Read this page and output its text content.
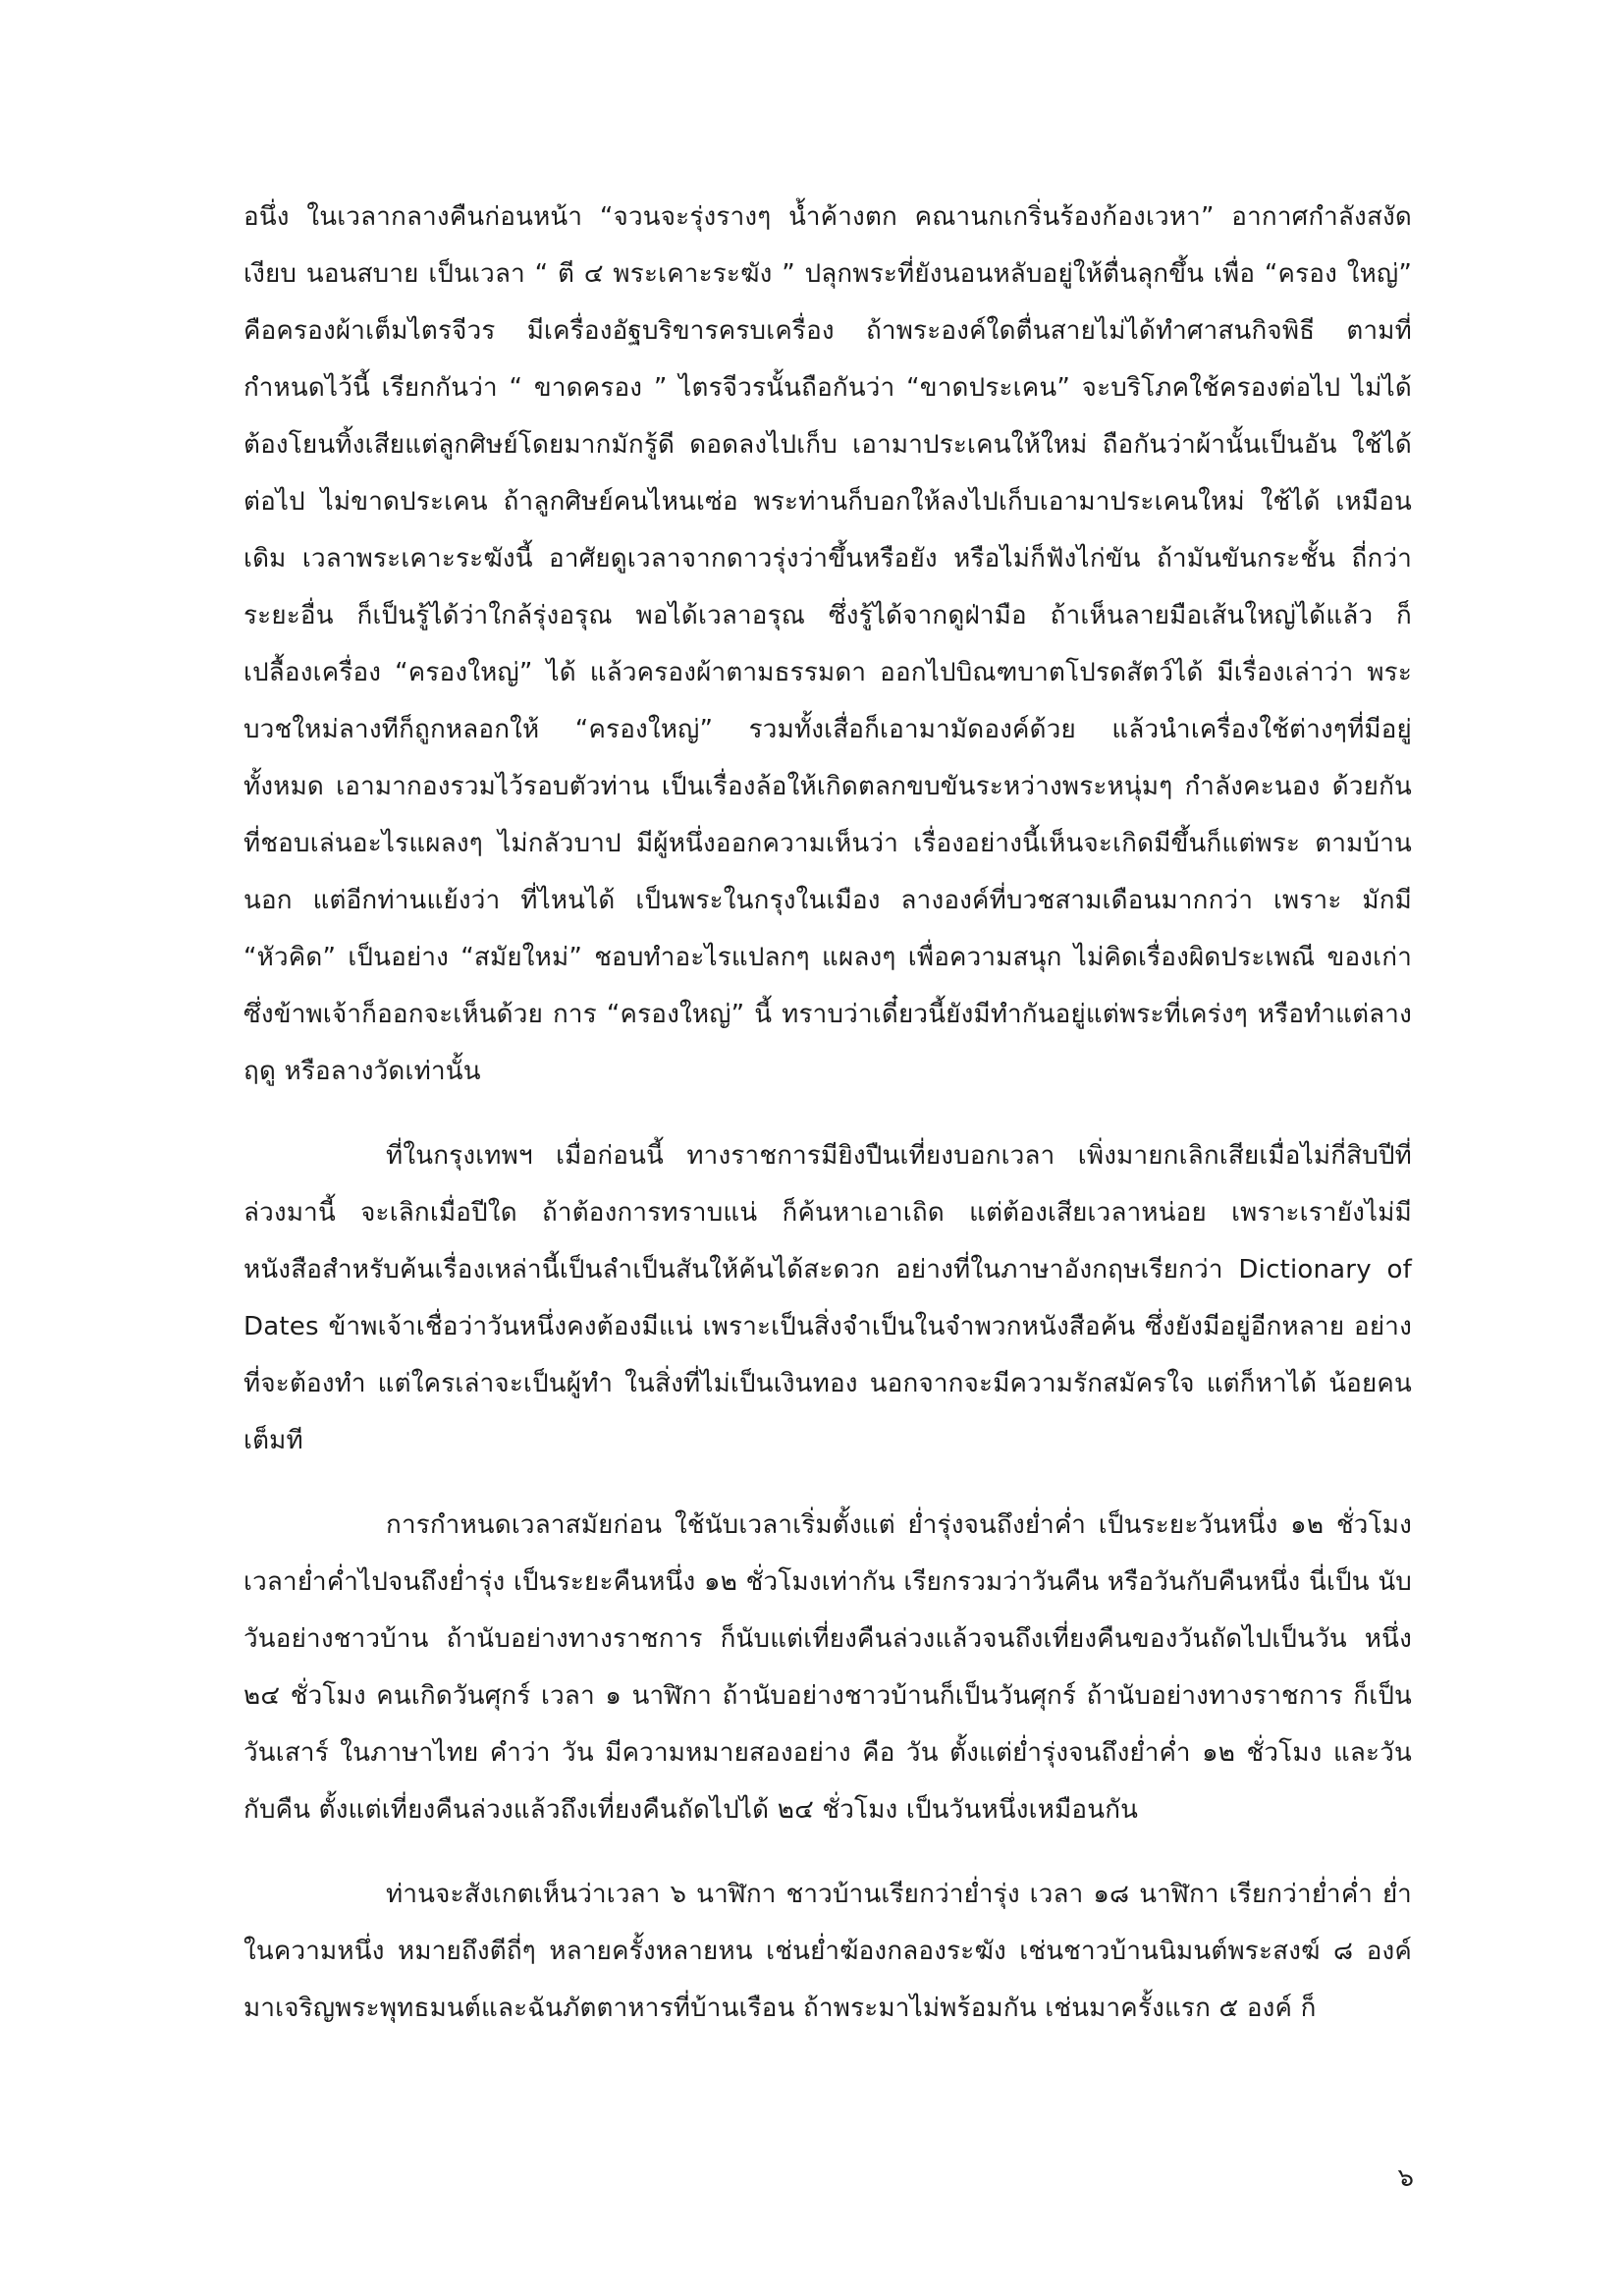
อนึ่ง ในเวลากลางคืนก่อนหน้า “จวนจะรุ่งรางๆ น้ำค้างตก คณานกเกริ่นร้องก้องเวหา” อากาศกำลังสงัด เงียบ นอนสบาย เป็นเวลา “ ตี ๔ พระเคาะระฆัง ” ปลุกพระที่ยังนอนหลับอยู่ให้ตื่นลุกขึ้น เพื่อ “ครอง ใหญ่” คือครองผ้าเต็มไตรจีวร มีเครื่องอัฐบริขารครบเครื่อง ถ้าพระองค์ใดตื่นสายไม่ได้ทำศาสนกิจพิธี ตามที่กำหนดไว้นี้ เรียกกันว่า “ ขาดครอง ” ไตรจีวรนั้นถือกันว่า “ขาดประเคน” จะบริโภคใช้ครองต่อไป ไม่ได้ ต้องโยนทิ้งเสียแต่ลูกศิษย์โดยมากมักรู้ดี ดอดลงไปเก็บ เอามาประเคนให้ใหม่ ถือกันว่าผ้านั้นเป็นอัน ใช้ได้ต่อไป ไม่ขาดประเคน ถ้าลูกศิษย์คนไหนเซ่อ พระท่านก็บอกให้ลงไปเก็บเอามาประเคนใหม่ ใช้ได้ เหมือนเดิม เวลาพระเคาะระฆังนี้ อาศัยดูเวลาจากดาวรุ่งว่าขึ้นหรือยัง หรือไม่ก็ฟังไก่ขัน ถ้ามันขันกระชั้น ถี่กว่าระยะอื่น ก็เป็นรู้ได้ว่าใกล้รุ่งอรุณ พอได้เวลาอรุณ ซึ่งรู้ได้จากดูฝ่ามือ ถ้าเห็นลายมือเส้นใหญ่ได้แล้ว ก็ เปลื้องเครื่อง “ครองใหญ่” ได้ แล้วครองผ้าตามธรรมดา ออกไปบิณฑบาตโปรดสัตว์ได้ มีเรื่องเล่าว่า พระ บวชใหม่ลางทีก็ถูกหลอกให้ “ครองใหญ่” รวมทั้งเสื่อก็เอามามัดองค์ด้วย แล้วนำเครื่องใช้ต่างๆที่มีอยู่ ทั้งหมด เอามากองรวมไว้รอบตัวท่าน เป็นเรื่องล้อให้เกิดตลกขบขันระหว่างพระหนุ่มๆ กำลังคะนอง ด้วยกัน ที่ชอบเล่นอะไรแผลงๆ ไม่กลัวบาป มีผู้หนึ่งออกความเห็นว่า เรื่องอย่างนี้เห็นจะเกิดมีขึ้นก็แต่พระ ตามบ้านนอก แต่อีกท่านแย้งว่า ที่ไหนได้ เป็นพระในกรุงในเมือง ลางองค์ที่บวชสามเดือนมากกว่า เพราะ มักมี “หัวคิด” เป็นอย่าง “สมัยใหม่” ชอบทำอะไรแปลกๆ แผลงๆ เพื่อความสนุก ไม่คิดเรื่องผิดประเพณี ของเก่า ซึ่งข้าพเจ้าก็ออกจะเห็นด้วย การ “ครองใหญ่” นี้ ทราบว่าเดี๋ยวนี้ยังมีทำกันอยู่แต่พระที่เคร่งๆ หรือทำแต่ลางฤดู หรือลางวัดเท่านั้น

ที่ในกรุงเทพฯ เมื่อก่อนนี้ ทางราชการมียิงปืนเที่ยงบอกเวลา เพิ่งมายกเลิกเสียเมื่อไม่กี่สิบปีที่ ล่วงมานี้ จะเลิกเมื่อปีใด ถ้าต้องการทราบแน่ ก็ค้นหาเอาเถิด แต่ต้องเสียเวลาหน่อย เพราะเรายังไม่มี หนังสือสำหรับค้นเรื่องเหล่านี้เป็นลำเป็นสันให้ค้นได้สะดวก อย่างที่ในภาษาอังกฤษเรียกว่า Dictionary of Dates ข้าพเจ้าเชื่อว่าวันหนึ่งคงต้องมีแน่ เพราะเป็นสิ่งจำเป็นในจำพวกหนังสือค้น ซึ่งยังมีอยู่อีกหลาย อย่างที่จะต้องทำ แต่ใครเล่าจะเป็นผู้ทำ ในสิ่งที่ไม่เป็นเงินทอง นอกจากจะมีความรักสมัครใจ แต่ก็หาได้ น้อยคนเต็มที

การกำหนดเวลาสมัยก่อน ใช้นับเวลาเริ่มตั้งแต่ ย่ำรุ่งจนถึงย่ำค่ำ เป็นระยะวันหนึ่ง ๑๒ ชั่วโมง เวลาย่ำค่ำไปจนถึงย่ำรุ่ง เป็นระยะคืนหนึ่ง ๑๒ ชั่วโมงเท่ากัน เรียกรวมว่าวันคืน หรือวันกับคืนหนึ่ง นี่เป็น นับวันอย่างชาวบ้าน ถ้านับอย่างทางราชการ ก็นับแต่เที่ยงคืนล่วงแล้วจนถึงเที่ยงคืนของวันถัดไปเป็นวัน หนึ่ง ๒๔ ชั่วโมง คนเกิดวันศุกร์ เวลา ๑ นาฬิกา ถ้านับอย่างชาวบ้านก็เป็นวันศุกร์ ถ้านับอย่างทางราชการ ก็เป็นวันเสาร์ ในภาษาไทย คำว่า วัน มีความหมายสองอย่าง คือ วัน ตั้งแต่ย่ำรุ่งจนถึงย่ำค่ำ ๑๒ ชั่วโมง และวันกับคืน ตั้งแต่เที่ยงคืนล่วงแล้วถึงเที่ยงคืนถัดไปได้ ๒๔ ชั่วโมง เป็นวันหนึ่งเหมือนกัน

ท่านจะสังเกตเห็นว่าเวลา ๖ นาฬิกา ชาวบ้านเรียกว่าย่ำรุ่ง เวลา ๑๘ นาฬิกา เรียกว่าย่ำค่ำ ย่ำในความหนึ่ง หมายถึงตีถี่ๆ หลายครั้งหลายหน เช่นย่ำฆ้องกลองระฆัง เช่นชาวบ้านนิมนต์พระสงฆ์ ๘ องค์ มาเจริญพระพุทธมนต์และฉันภัตตาหารที่บ้านเรือน ถ้าพระมาไม่พร้อมกัน เช่นมาครั้งแรก ๕ องค์ ก็

๖
